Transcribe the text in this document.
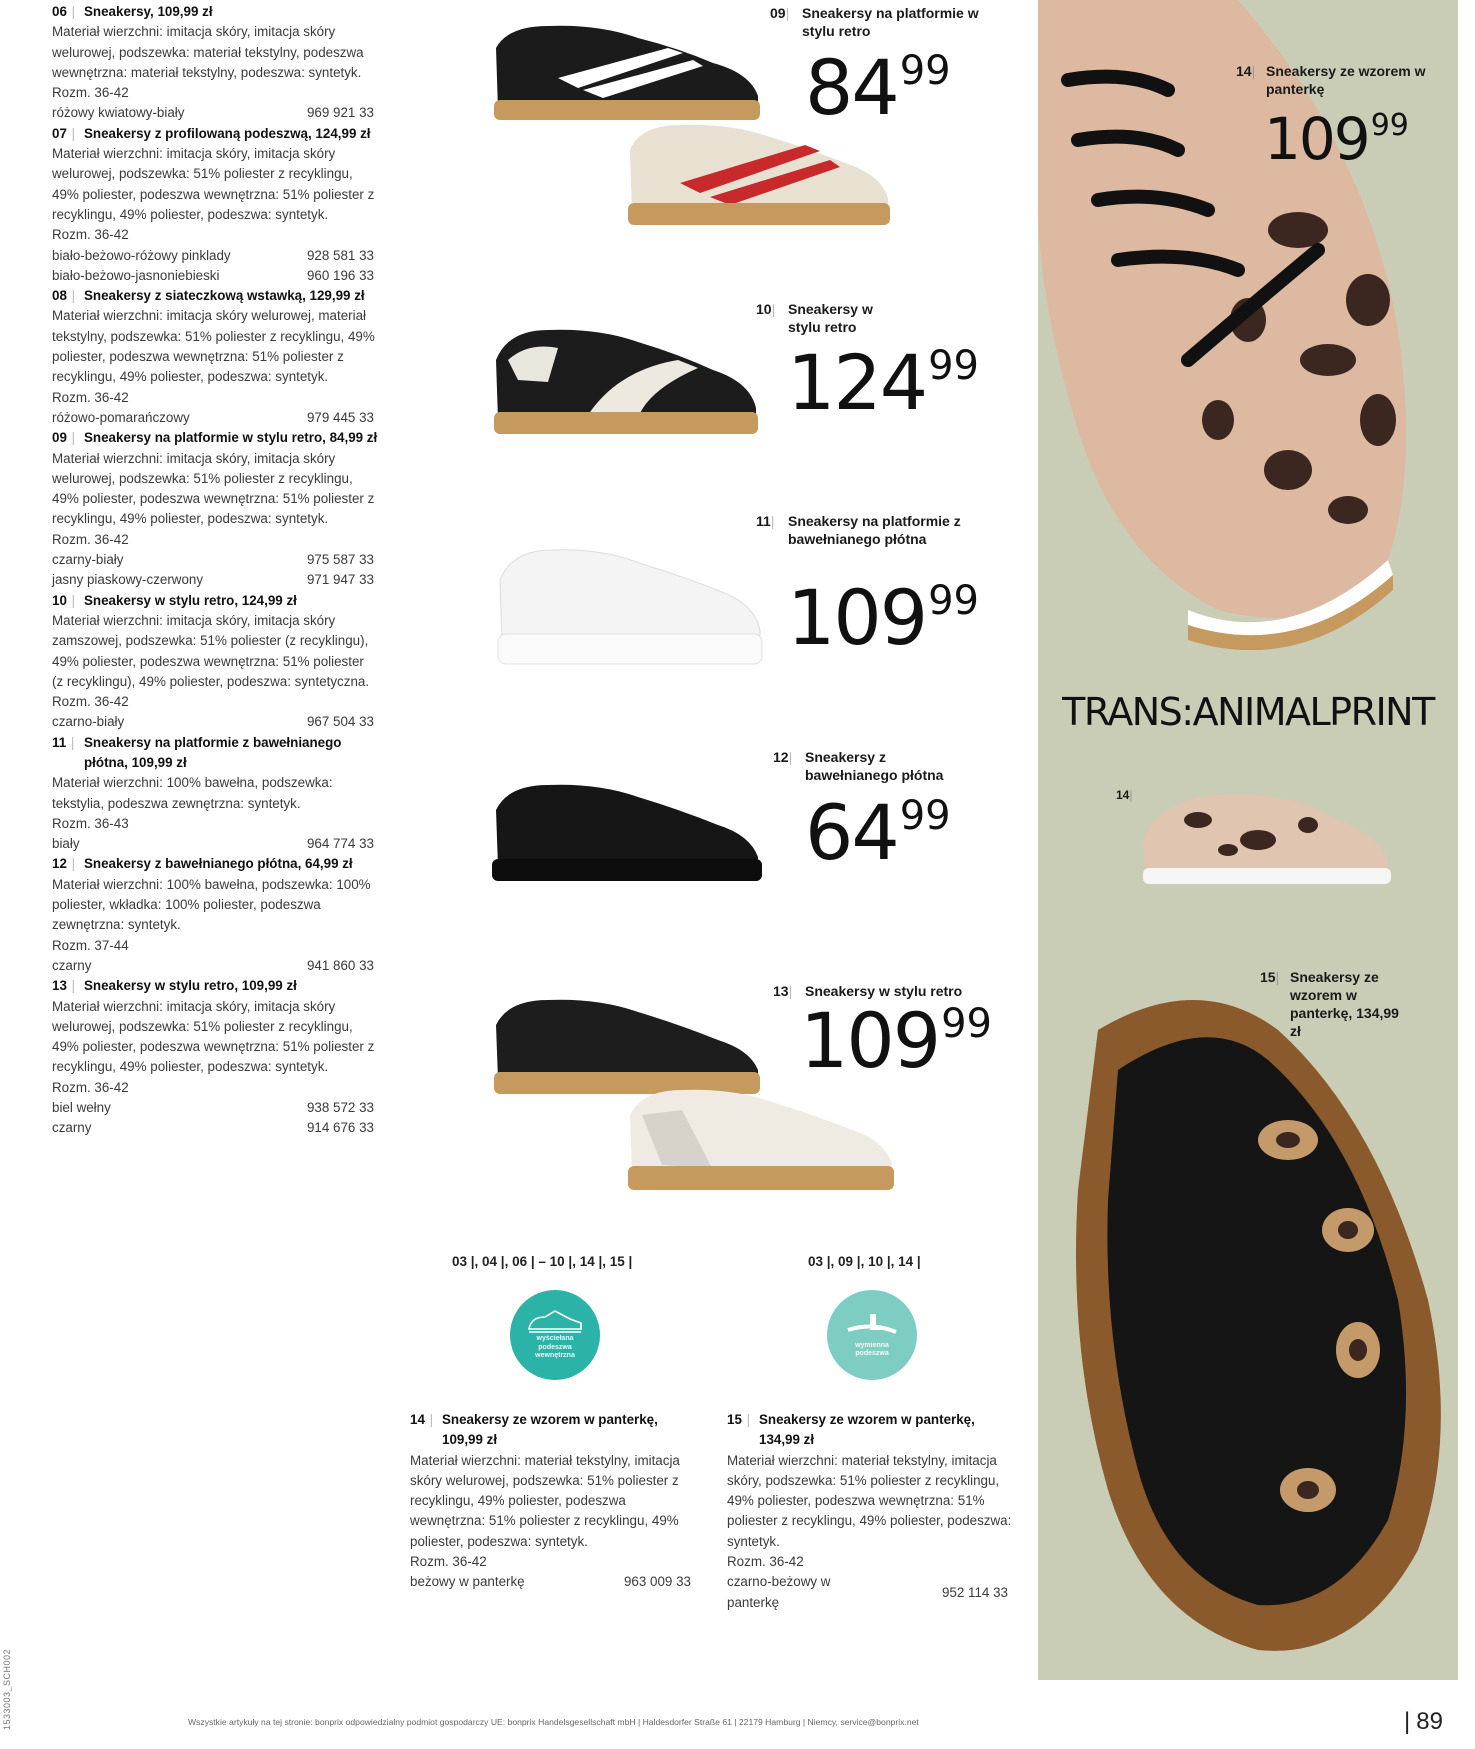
1533003_SCH002
06 | Sneakersy, 109,99 zł
Materiał wierzchni: imitacja skóry, imitacja skóry welurowej, podszewka: materiał tekstylny, podeszwa wewnętrzna: materiał tekstylny, podeszwa: syntetyk.
Rozm. 36-42
różowy kwiatowy-biały	969 921 33
07 | Sneakersy z profilowaną podeszwą, 124,99 zł
Materiał wierzchni: imitacja skóry, imitacja skóry welurowej, podszewka: 51% poliester z recyklingu, 49% poliester, podeszwa wewnętrzna: 51% poliester z recyklingu, 49% poliester, podeszwa: syntetyk.
Rozm. 36-42
biało-beżowo-różowy pinklady	928 581 33
biało-beżowo-jasnoniebieski	960 196 33
08 | Sneakersy z siateczkową wstawką, 129,99 zł
Materiał wierzchni: imitacja skóry welurowej, materiał tekstylny, podszewka: 51% poliester z recyklingu, 49% poliester, podeszwa wewnętrzna: 51% poliester z recyklingu, 49% poliester, podeszwa: syntetyk.
Rozm. 36-42
różowo-pomarańczowy	979 445 33
09 | Sneakersy na platformie w stylu retro, 84,99 zł
Materiał wierzchni: imitacja skóry, imitacja skóry welurowej, podszewka: 51% poliester z recyklingu, 49% poliester, podeszwa wewnętrzna: 51% poliester z recyklingu, 49% poliester, podeszwa: syntetyk.
Rozm. 36-42
czarny-biały	975 587 33
jasny piaskowy-czerwony	971 947 33
10 | Sneakersy w stylu retro, 124,99 zł
Materiał wierzchni: imitacja skóry, imitacja skóry zamszowej, podszewka: 51% poliester (z recyklingu), 49% poliester, podeszwa wewnętrzna: 51% poliester (z recyklingu), 49% poliester, podeszwa: syntetyczna.
Rozm. 36-42
czarno-biały	967 504 33
11 | Sneakersy na platformie z bawełnianego płótna, 109,99 zł
Materiał wierzchni: 100% bawełna, podszewka: tekstylia, podeszwa zewnętrzna: syntetyk.
Rozm. 36-43
biały	964 774 33
12 | Sneakersy z bawełnianego płótna, 64,99 zł
Materiał wierzchni: 100% bawełna, podszewka: 100% poliester, wkładka: 100% poliester, podeszwa zewnętrzna: syntetyk.
Rozm. 37-44
czarny	941 860 33
13 | Sneakersy w stylu retro, 109,99 zł
Materiał wierzchni: imitacja skóry, imitacja skóry welurowej, podszewka: 51% poliester z recyklingu, 49% poliester, podeszwa wewnętrzna: 51% poliester z recyklingu, 49% poliester, podeszwa: syntetyk.
Rozm. 36-42
biel wełny	938 572 33
czarny	914 676 33
09| Sneakersy na platformie w stylu retro
8499
10| Sneakersy w stylu retro
12499
11| Sneakersy na platformie z bawełnianego płótna
10999
12| Sneakersy z bawełnianego płótna
6499
13| Sneakersy w stylu retro
10999
03 |, 04 |, 06 | – 10 |, 14 |, 15 |
wyściełana podeszwa wewnętrzna
03 |, 09 |, 10 |, 14 |
wymienna podeszwa
14 | Sneakersy ze wzorem w panterkę, 109,99 zł
Materiał wierzchni: materiał tekstylny, imitacja skóry welurowej, podszewka: 51% poliester z recyklingu, 49% poliester, podeszwa wewnętrzna: 51% poliester z recyklingu, 49% poliester, podeszwa: syntetyk.
Rozm. 36-42
beżowy w panterkę	963 009 33
15 | Sneakersy ze wzorem w panterkę, 134,99 zł
Materiał wierzchni: materiał tekstylny, imitacja skóry, podszewka: 51% poliester z recyklingu, 49% poliester, podeszwa wewnętrzna: 51% poliester z recyklingu, 49% poliester, podeszwa: syntetyk.
Rozm. 36-42
czarno-beżowy w panterkę
952 114 33
14| Sneakersy ze wzorem w panterkę
10999
TRANS:ANIMALPRINT
14|
15| Sneakersy ze wzorem w panterkę, 134,99 zł
Wszystkie artykuły na tej stronie: bonprix odpowiedzialny podmiot gospodarczy UE: bonprix Handelsgesellschaft mbH | Haldesdorfer Straße 61 | 22179 Hamburg | Niemcy, service@bonprix.net	| 89
